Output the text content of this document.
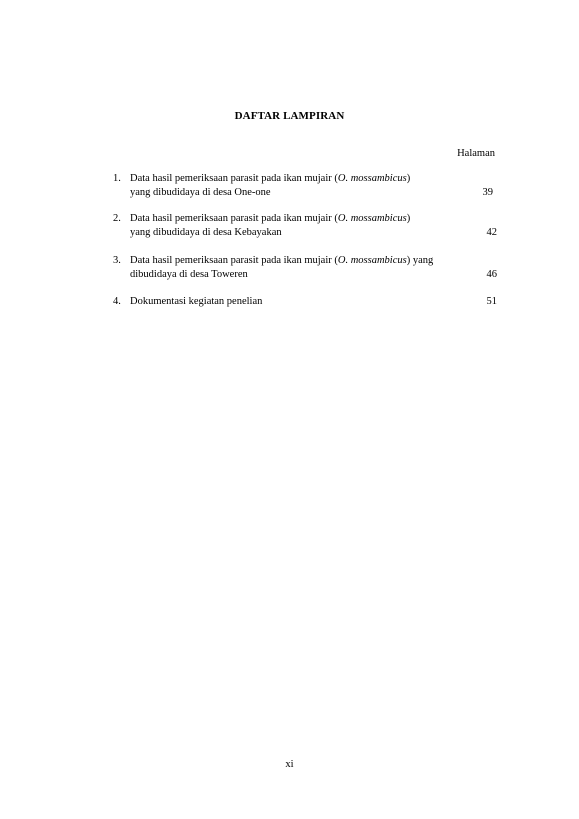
DAFTAR LAMPIRAN
Halaman
1. Data hasil pemeriksaan parasit pada ikan mujair (O. mossambicus)
yang dibudidaya di desa One-one	39
2. Data hasil pemeriksaan parasit pada ikan mujair (O. mossambicus)
yang dibudidaya di desa Kebayakan	42
3. Data hasil pemeriksaan parasit pada ikan mujair (O. mossambicus) yang
dibudidaya di desa Toweren	46
4. Dokumentasi kegiatan penelian	51
xi
